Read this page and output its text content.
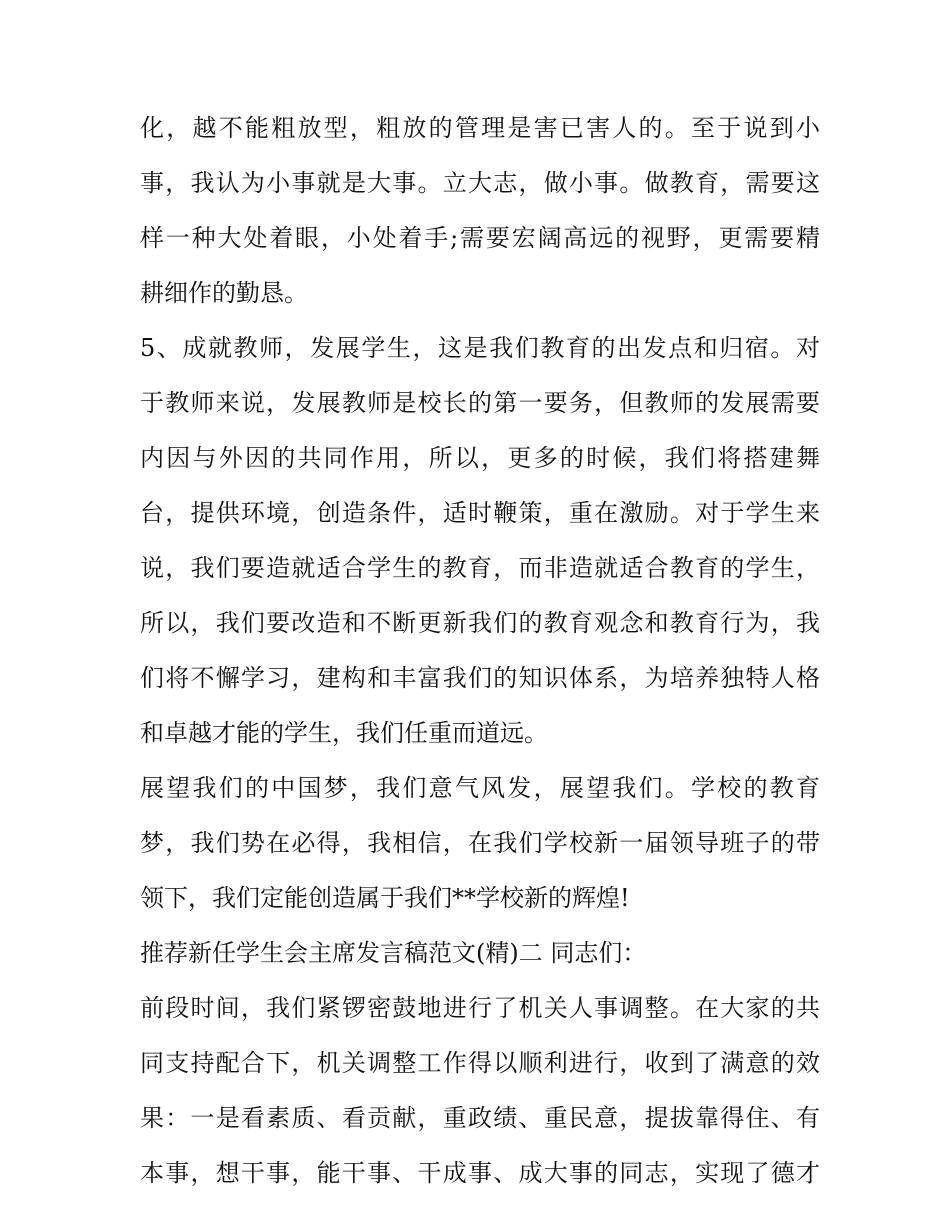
化，越不能粗放型，粗放的管理是害已害人的。至于说到小
事，我认为小事就是大事。立大志，做小事。做教育，需要这
样一种大处着眼，小处着手;需要宏阔高远的视野，更需要精
耕细作的勤恳。
5、成就教师，发展学生，这是我们教育的出发点和归宿。对
于教师来说，发展教师是校长的第一要务，但教师的发展需要
内因与外因的共同作用，所以，更多的时候，我们将搭建舞
台，提供环境，创造条件，适时鞭策，重在激励。对于学生来
说，我们要造就适合学生的教育，而非造就适合教育的学生，
所以，我们要改造和不断更新我们的教育观念和教育行为，我
们将不懈学习，建构和丰富我们的知识体系，为培养独特人格
和卓越才能的学生，我们任重而道远。
展望我们的中国梦，我们意气风发，展望我们。学校的教育
梦，我们势在必得，我相信，在我们学校新一届领导班子的带
领下，我们定能创造属于我们**学校新的辉煌!
推荐新任学生会主席发言稿范文(精)二 同志们：
前段时间，我们紧锣密鼓地进行了机关人事调整。在大家的共
同支持配合下，机关调整工作得以顺利进行，收到了满意的效
果：一是看素质、看贡献，重政绩、重民意，提拔靠得住、有
本事，想干事，能干事、干成事、成大事的同志，实现了德才
